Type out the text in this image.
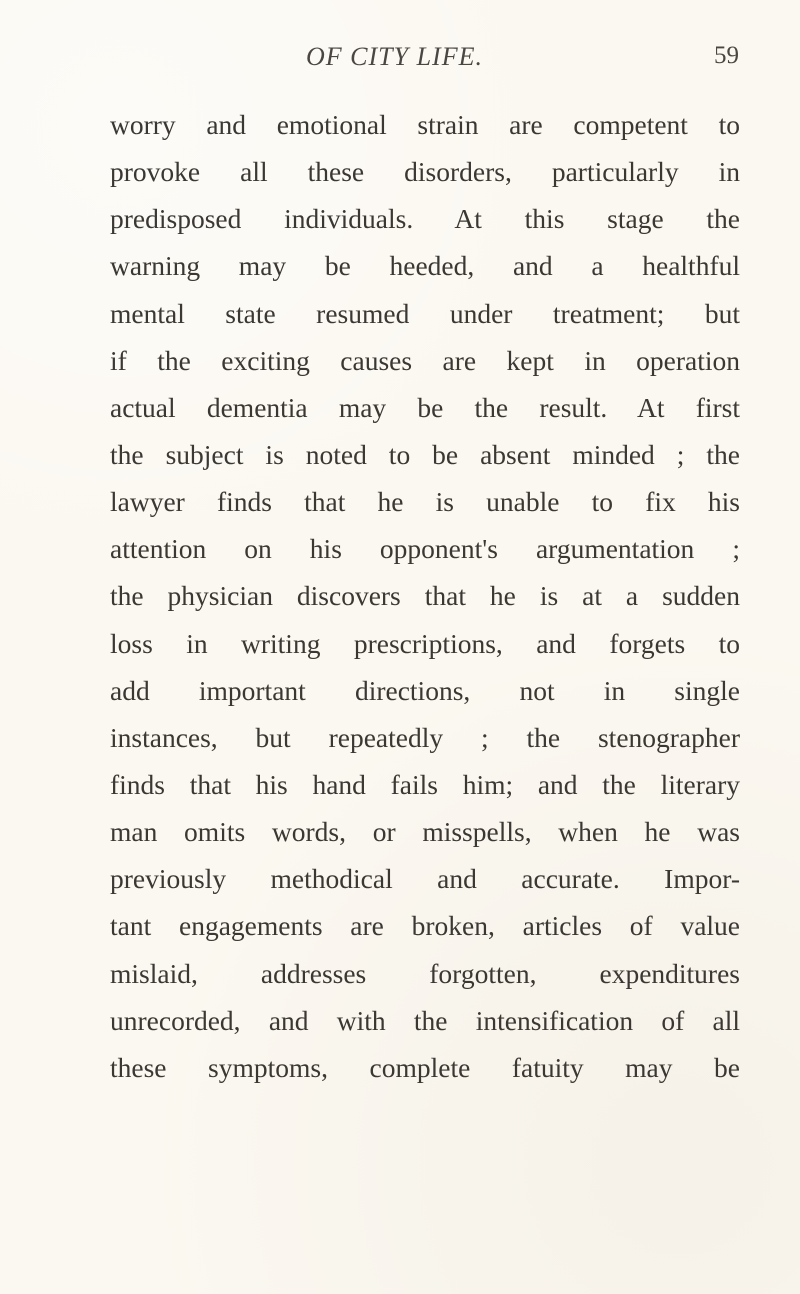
OF CITY LIFE.	59
worry and emotional strain are competent to
provoke all these disorders, particularly in
predisposed individuals. At this stage the
warning may be heeded, and a healthful
mental state resumed under treatment; but
if the exciting causes are kept in operation
actual dementia may be the result. At first
the subject is noted to be absent minded ; the
lawyer finds that he is unable to fix his
attention on his opponent's argumentation ;
the physician discovers that he is at a sudden
loss in writing prescriptions, and forgets to
add important directions, not in single
instances, but repeatedly ; the stenographer
finds that his hand fails him; and the literary
man omits words, or misspells, when he was
previously methodical and accurate. Impor-
tant engagements are broken, articles of value
mislaid, addresses forgotten, expenditures
unrecorded, and with the intensification of all
these symptoms, complete fatuity may be
